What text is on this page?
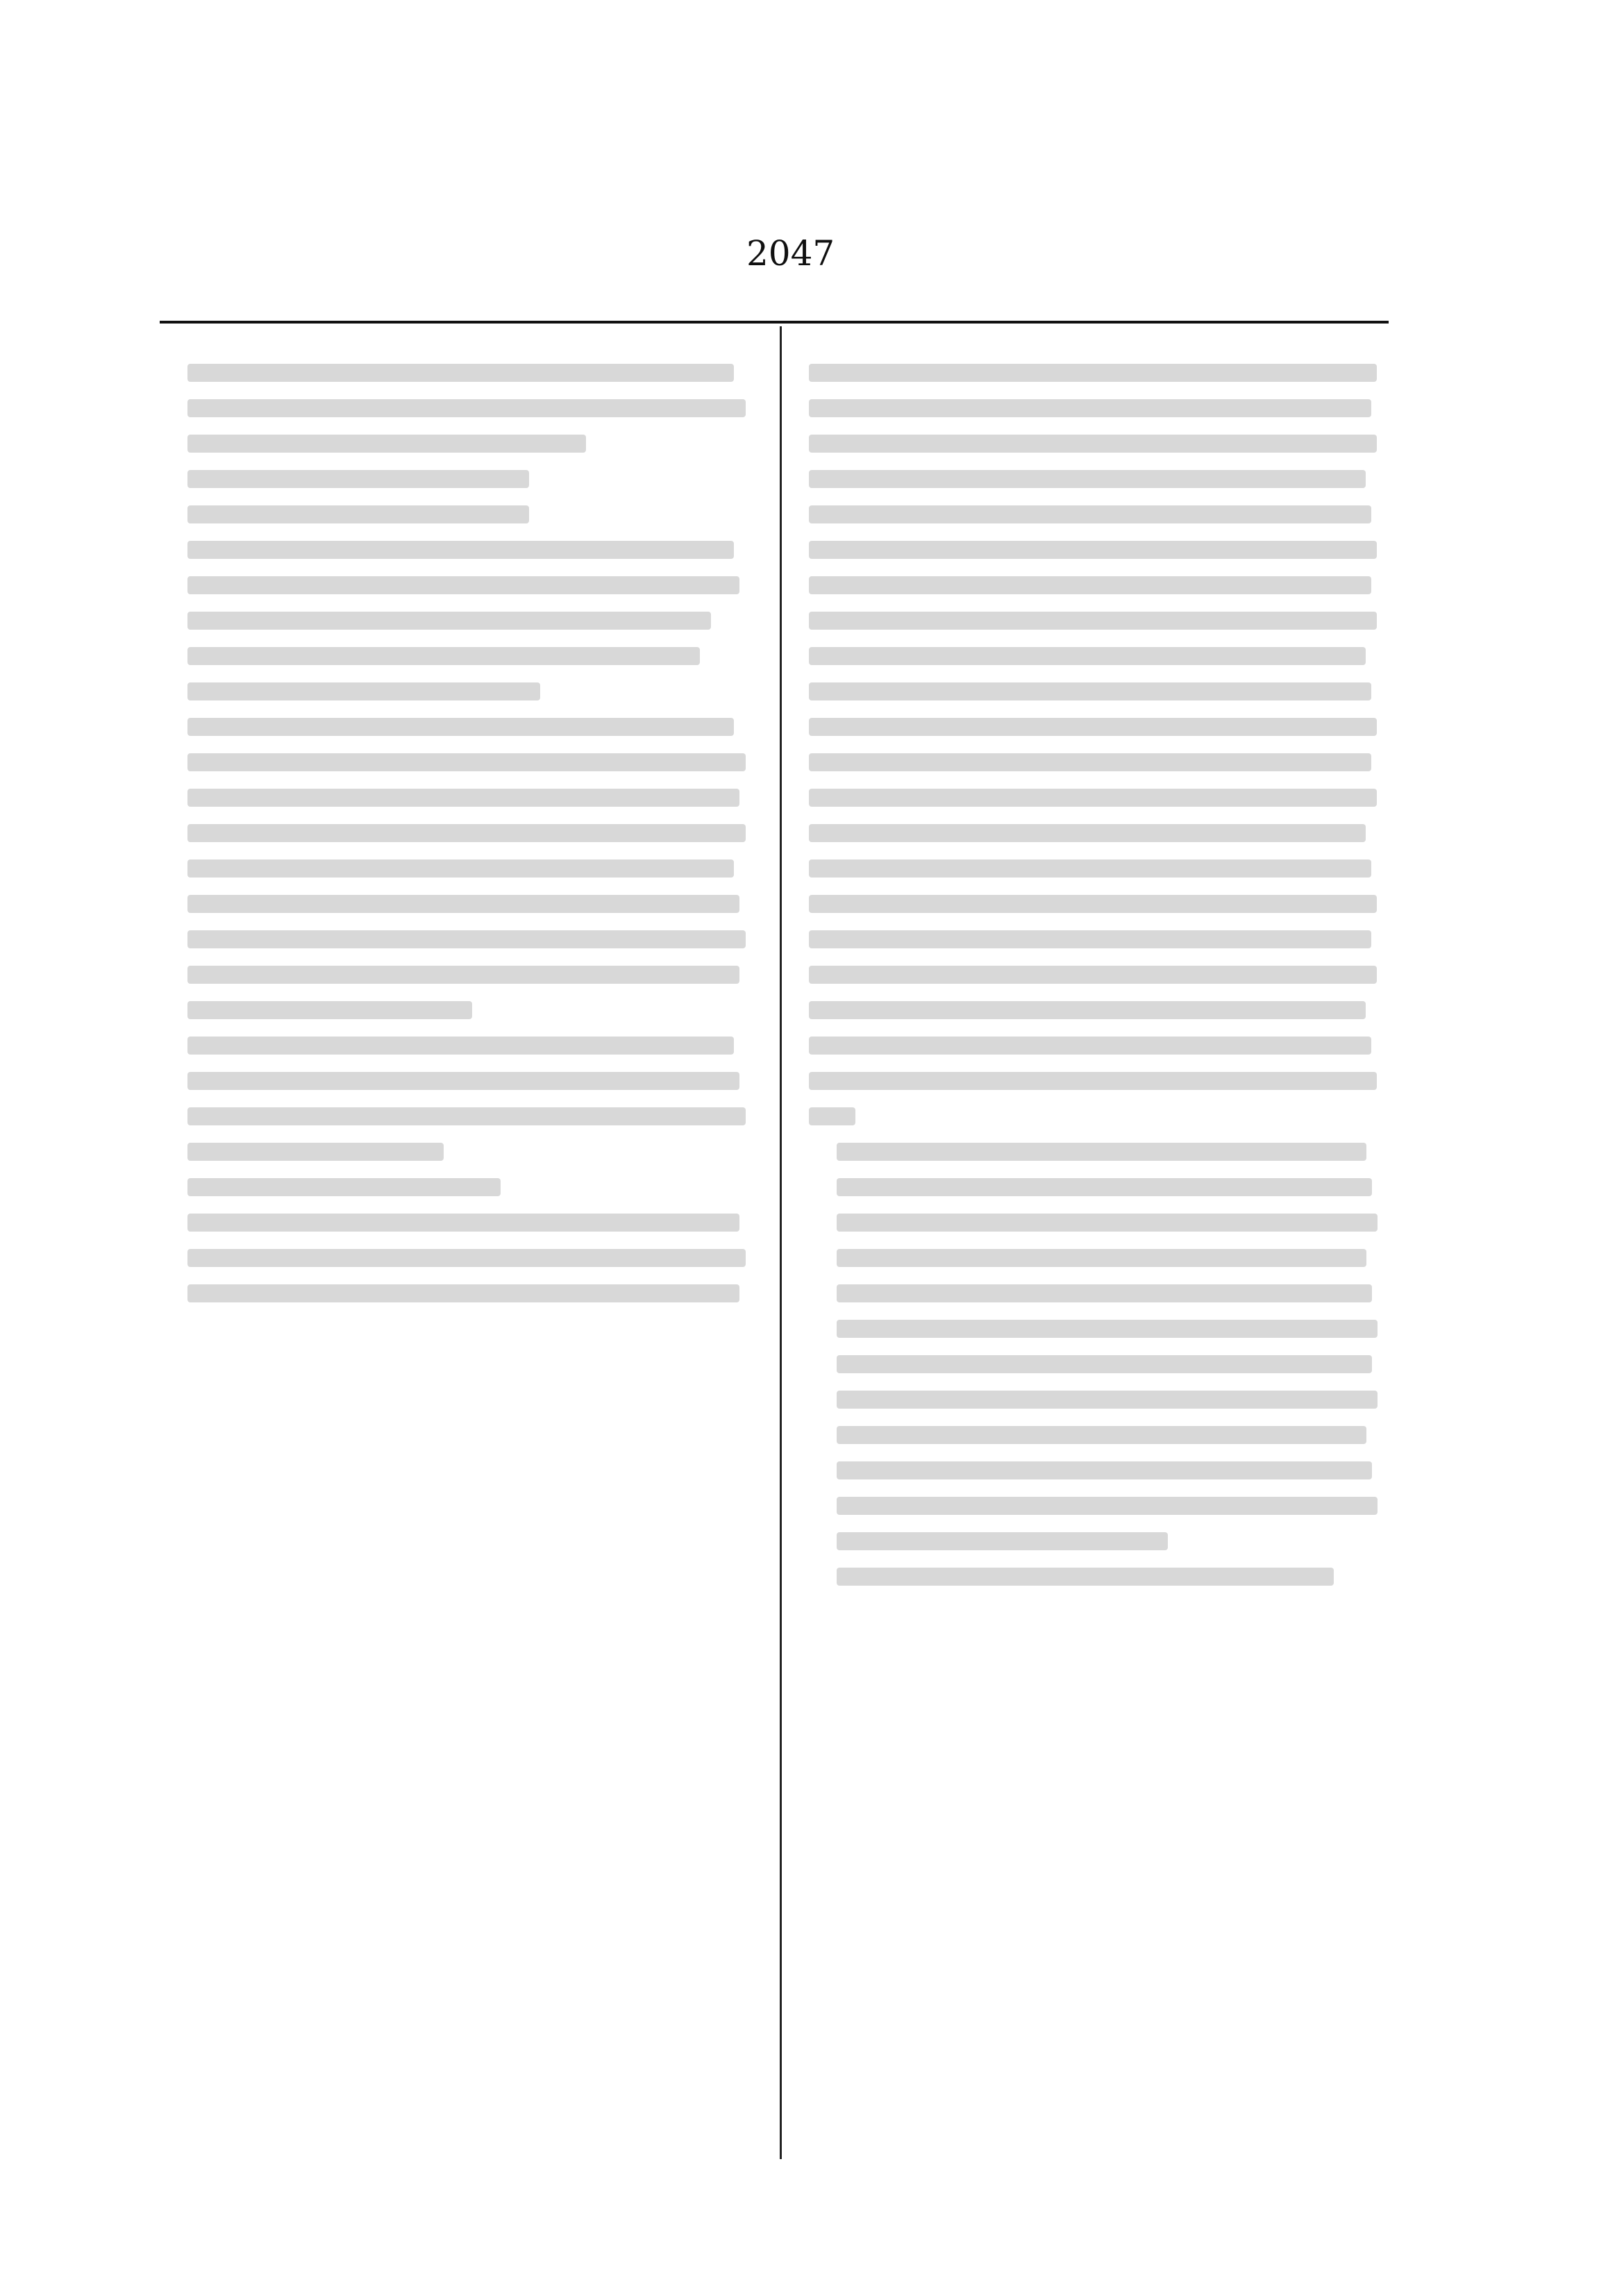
2047
